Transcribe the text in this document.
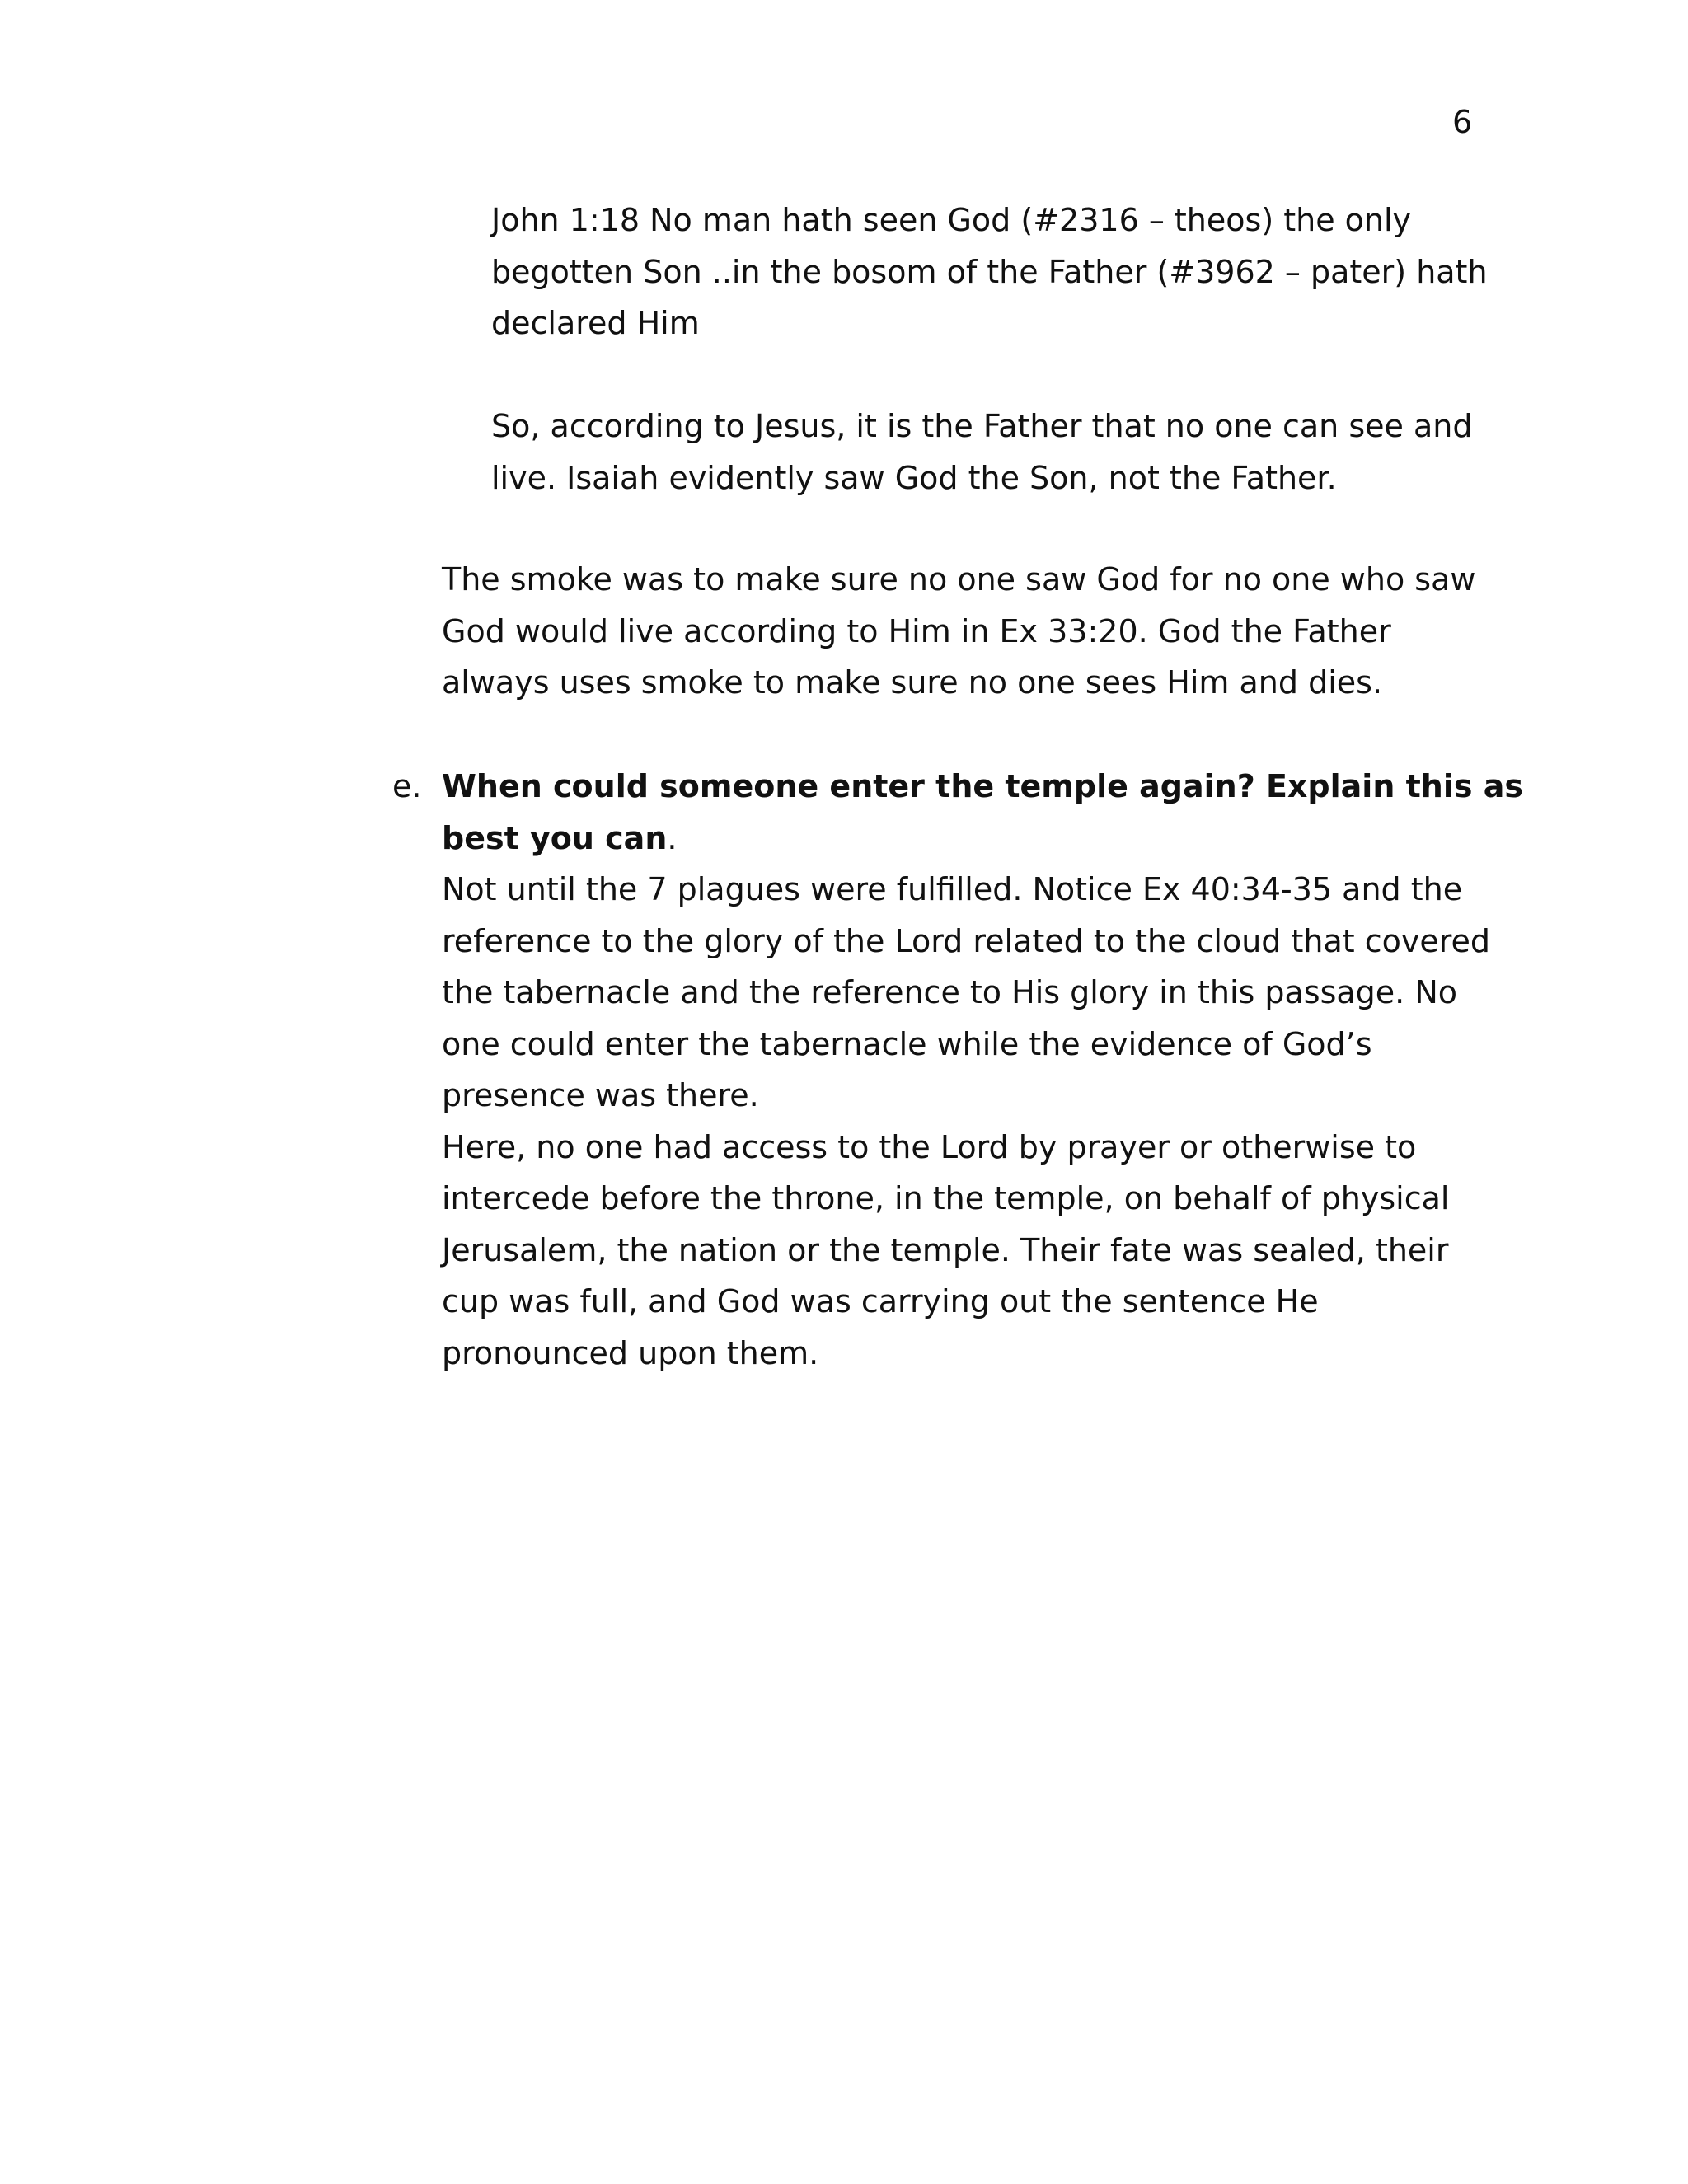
6
John 1:18 No man hath seen God (#2316 – theos) the only
begotten Son ..in the bosom of the Father (#3962 – pater) hath
declared Him
So, according to Jesus, it is the Father that no one can see and
live. Isaiah evidently saw God the Son, not the Father.
The smoke was to make sure no one saw God for no one who saw
God would live according to Him in Ex 33:20. God the Father
always uses smoke to make sure no one sees Him and dies.
e. When could someone enter the temple again? Explain this as
best you can.
Not until the 7 plagues were fulfilled. Notice Ex 40:34-35 and the
reference to the glory of the Lord related to the cloud that covered
the tabernacle and the reference to His glory in this passage. No
one could enter the tabernacle while the evidence of God’s
presence was there.
Here, no one had access to the Lord by prayer or otherwise to
intercede before the throne, in the temple, on behalf of physical
Jerusalem, the nation or the temple. Their fate was sealed, their
cup was full, and God was carrying out the sentence He
pronounced upon them.
